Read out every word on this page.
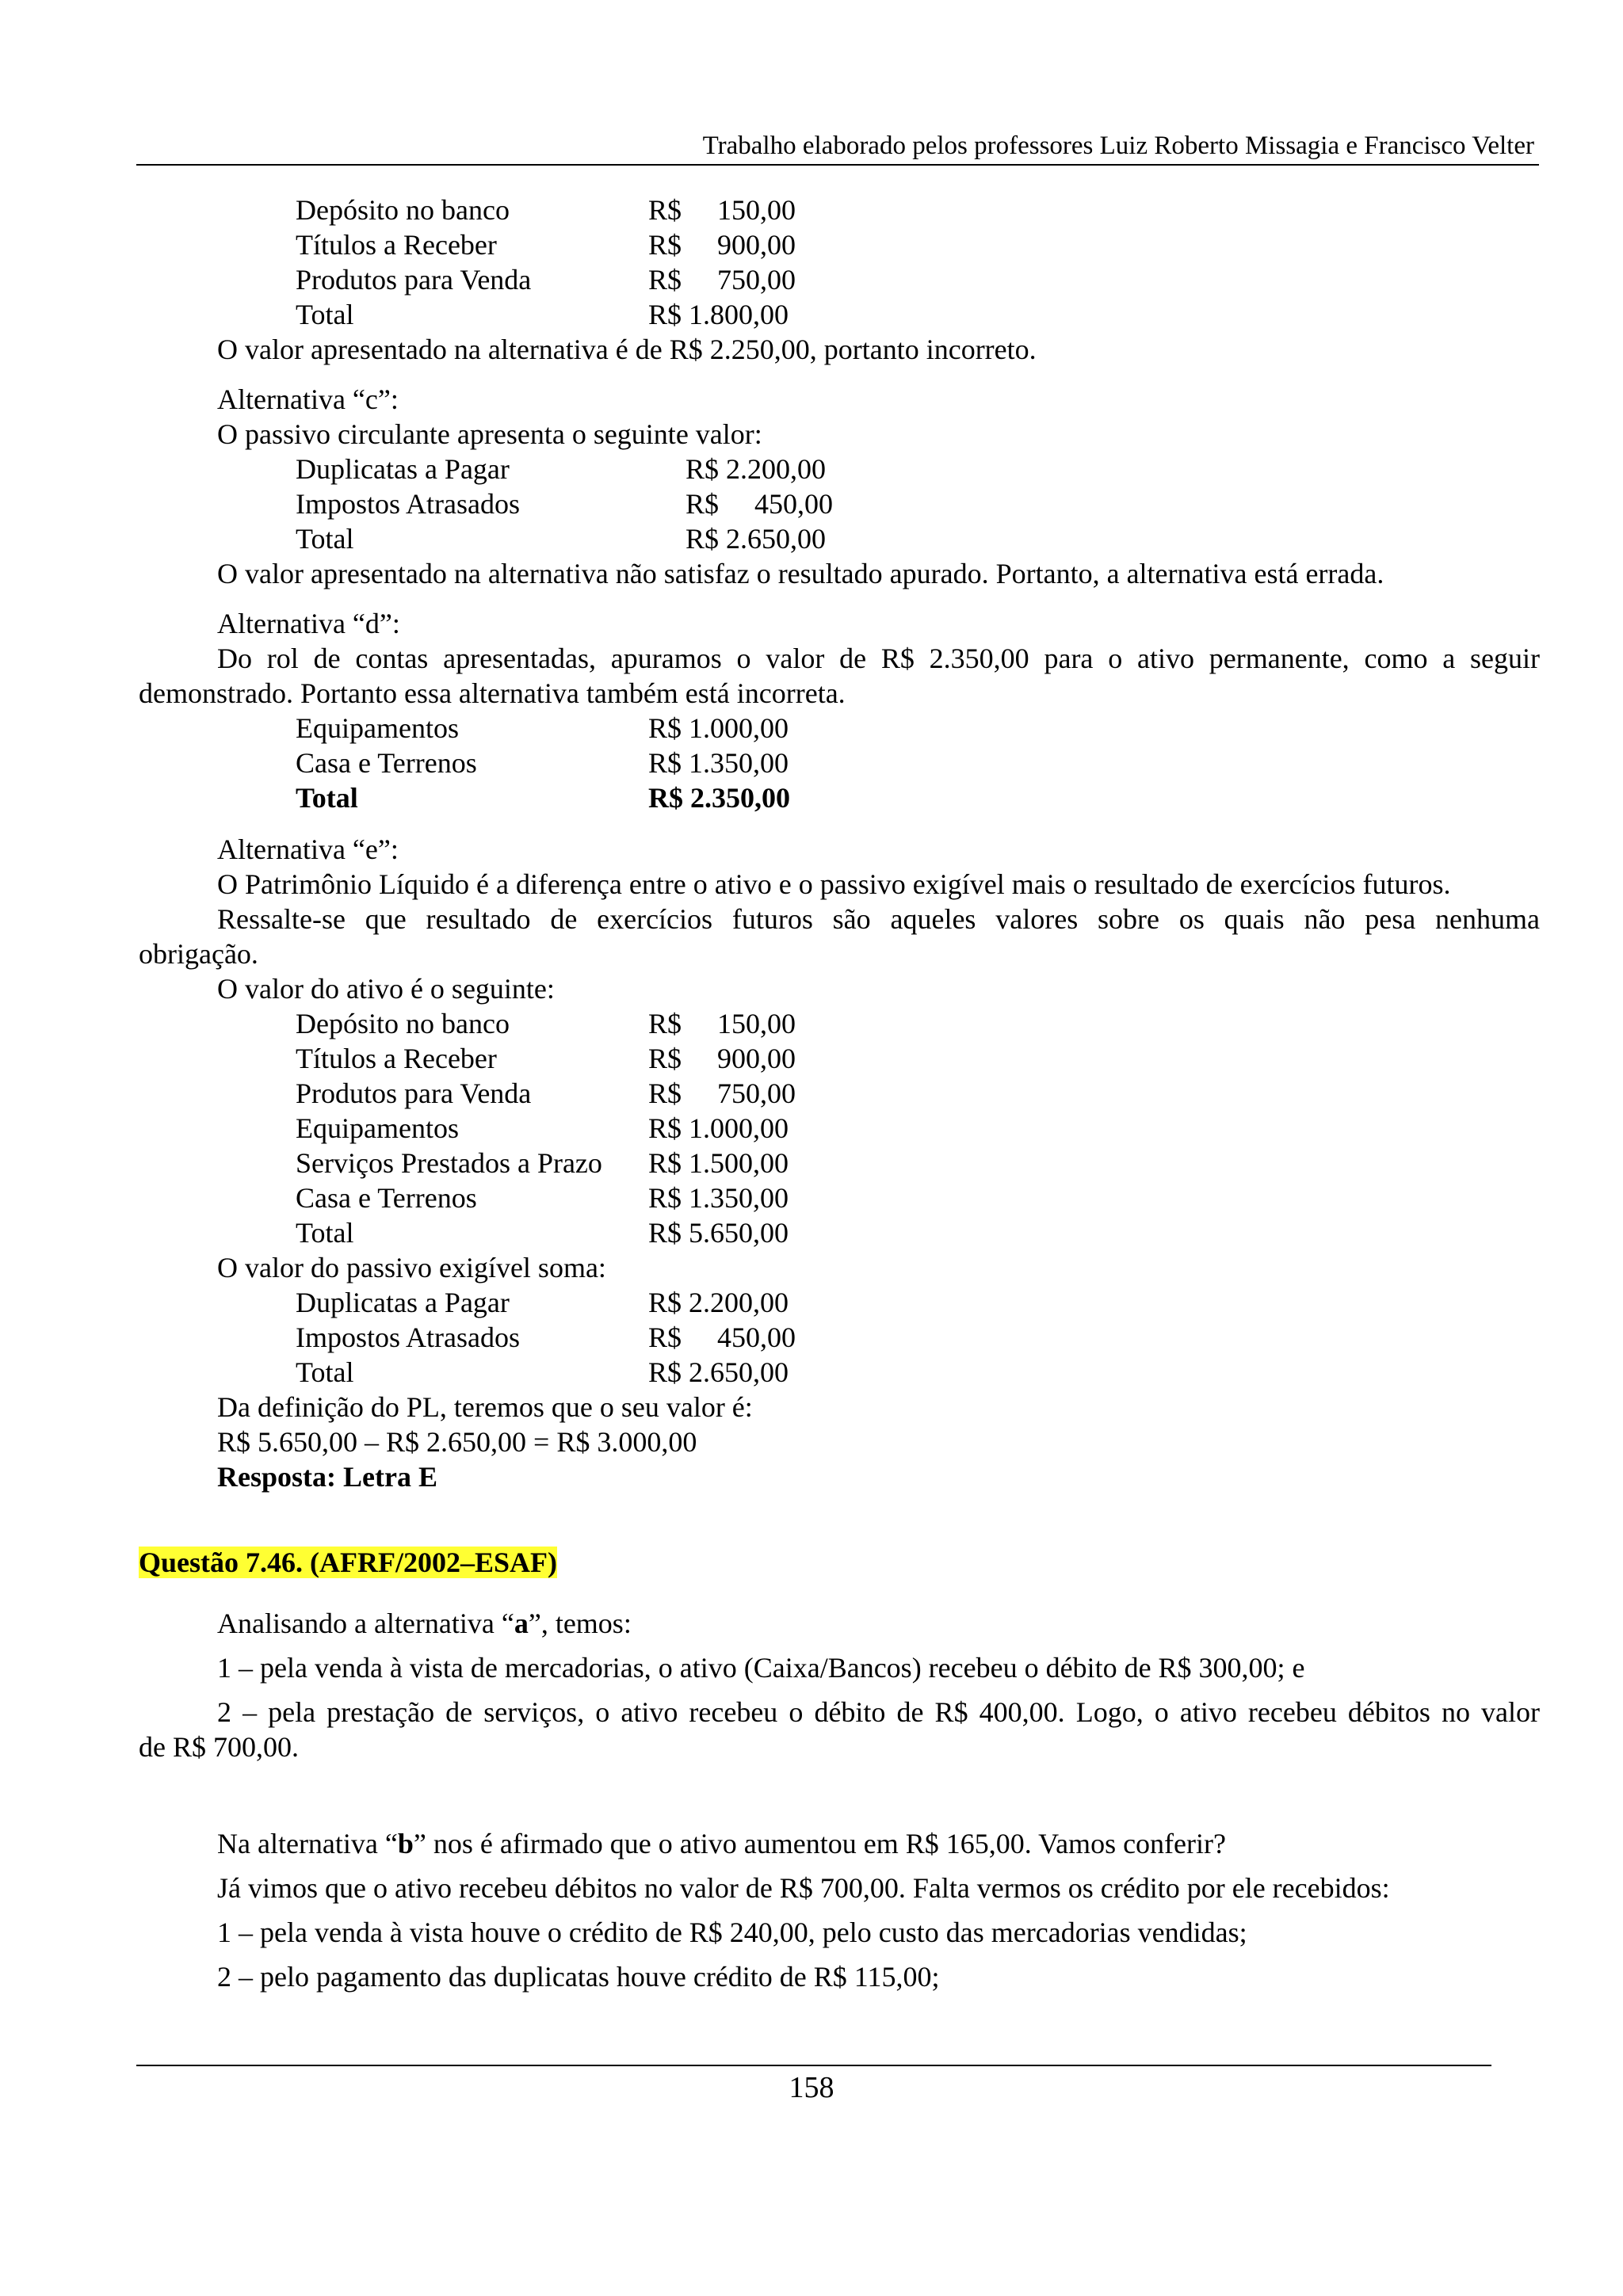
Trabalho elaborado pelos professores Luiz Roberto Missagia e Francisco Velter
Depósito no banco	R$ 150,00
Títulos a Receber	R$ 900,00
Produtos para Venda	R$ 750,00
Total	R$ 1.800,00
O valor apresentado na alternativa é de R$ 2.250,00, portanto incorreto.
Alternativa “c”:
O passivo circulante apresenta o seguinte valor:
Duplicatas a Pagar	R$ 2.200,00
Impostos Atrasados	R$ 450,00
Total	R$ 2.650,00
O valor apresentado na alternativa não satisfaz o resultado apurado. Portanto, a alternativa está errada.
Alternativa “d”:
Do rol de contas apresentadas, apuramos o valor de R$ 2.350,00 para o ativo permanente, como a seguir
demonstrado. Portanto essa alternativa também está incorreta.
Equipamentos	R$ 1.000,00
Casa e Terrenos	R$ 1.350,00
Total	R$ 2.350,00
Alternativa “e”:
O Patrimônio Líquido é a diferença entre o ativo e o passivo exigível mais o resultado de exercícios futuros.
Ressalte-se que resultado de exercícios futuros são aqueles valores sobre os quais não pesa nenhuma
obrigação.
O valor do ativo é o seguinte:
Depósito no banco	R$ 150,00
Títulos a Receber	R$ 900,00
Produtos para Venda	R$ 750,00
Equipamentos	R$ 1.000,00
Serviços Prestados a Prazo R$ 1.500,00
Casa e Terrenos	R$ 1.350,00
Total	R$ 5.650,00
O valor do passivo exigível soma:
Duplicatas a Pagar	R$ 2.200,00
Impostos Atrasados	R$ 450,00
Total	R$ 2.650,00
Da definição do PL, teremos que o seu valor é:
R$ 5.650,00 – R$ 2.650,00 = R$ 3.000,00
Resposta: Letra E
Questão 7.46. (AFRF/2002–ESAF)
Analisando a alternativa “a”, temos:
1 – pela venda à vista de mercadorias, o ativo (Caixa/Bancos) recebeu o débito de R$ 300,00; e
2 – pela prestação de serviços, o ativo recebeu o débito de R$ 400,00. Logo, o ativo recebeu débitos no valor
de R$ 700,00.
Na alternativa “b” nos é afirmado que o ativo aumentou em R$ 165,00. Vamos conferir?
Já vimos que o ativo recebeu débitos no valor de R$ 700,00. Falta vermos os crédito por ele recebidos:
1 – pela venda à vista houve o crédito de R$ 240,00, pelo custo das mercadorias vendidas;
2 – pelo pagamento das duplicatas houve crédito de R$ 115,00;
158
